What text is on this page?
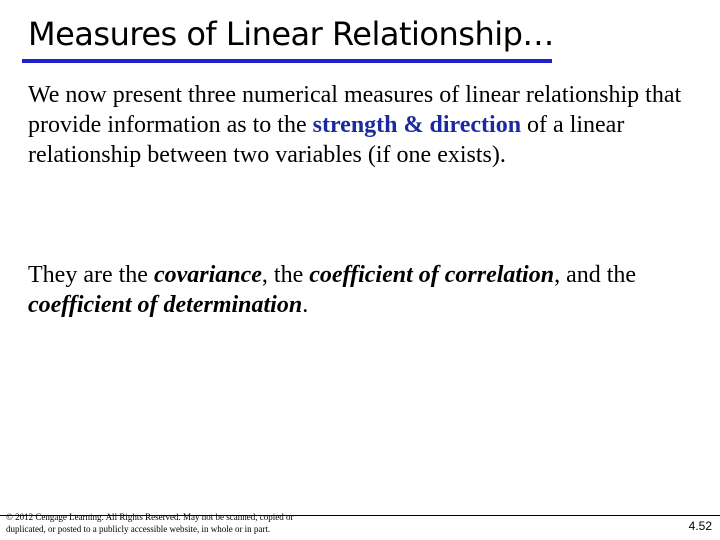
Measures of Linear Relationship…
We now present three numerical measures of linear relationship that provide information as to the strength & direction of a linear relationship between two variables (if one exists).
They are the covariance, the coefficient of correlation, and the coefficient of determination.
© 2012 Cengage Learning. All Rights Reserved. May not be scanned, copied or duplicated, or posted to a publicly accessible website, in whole or in part.	4.52
